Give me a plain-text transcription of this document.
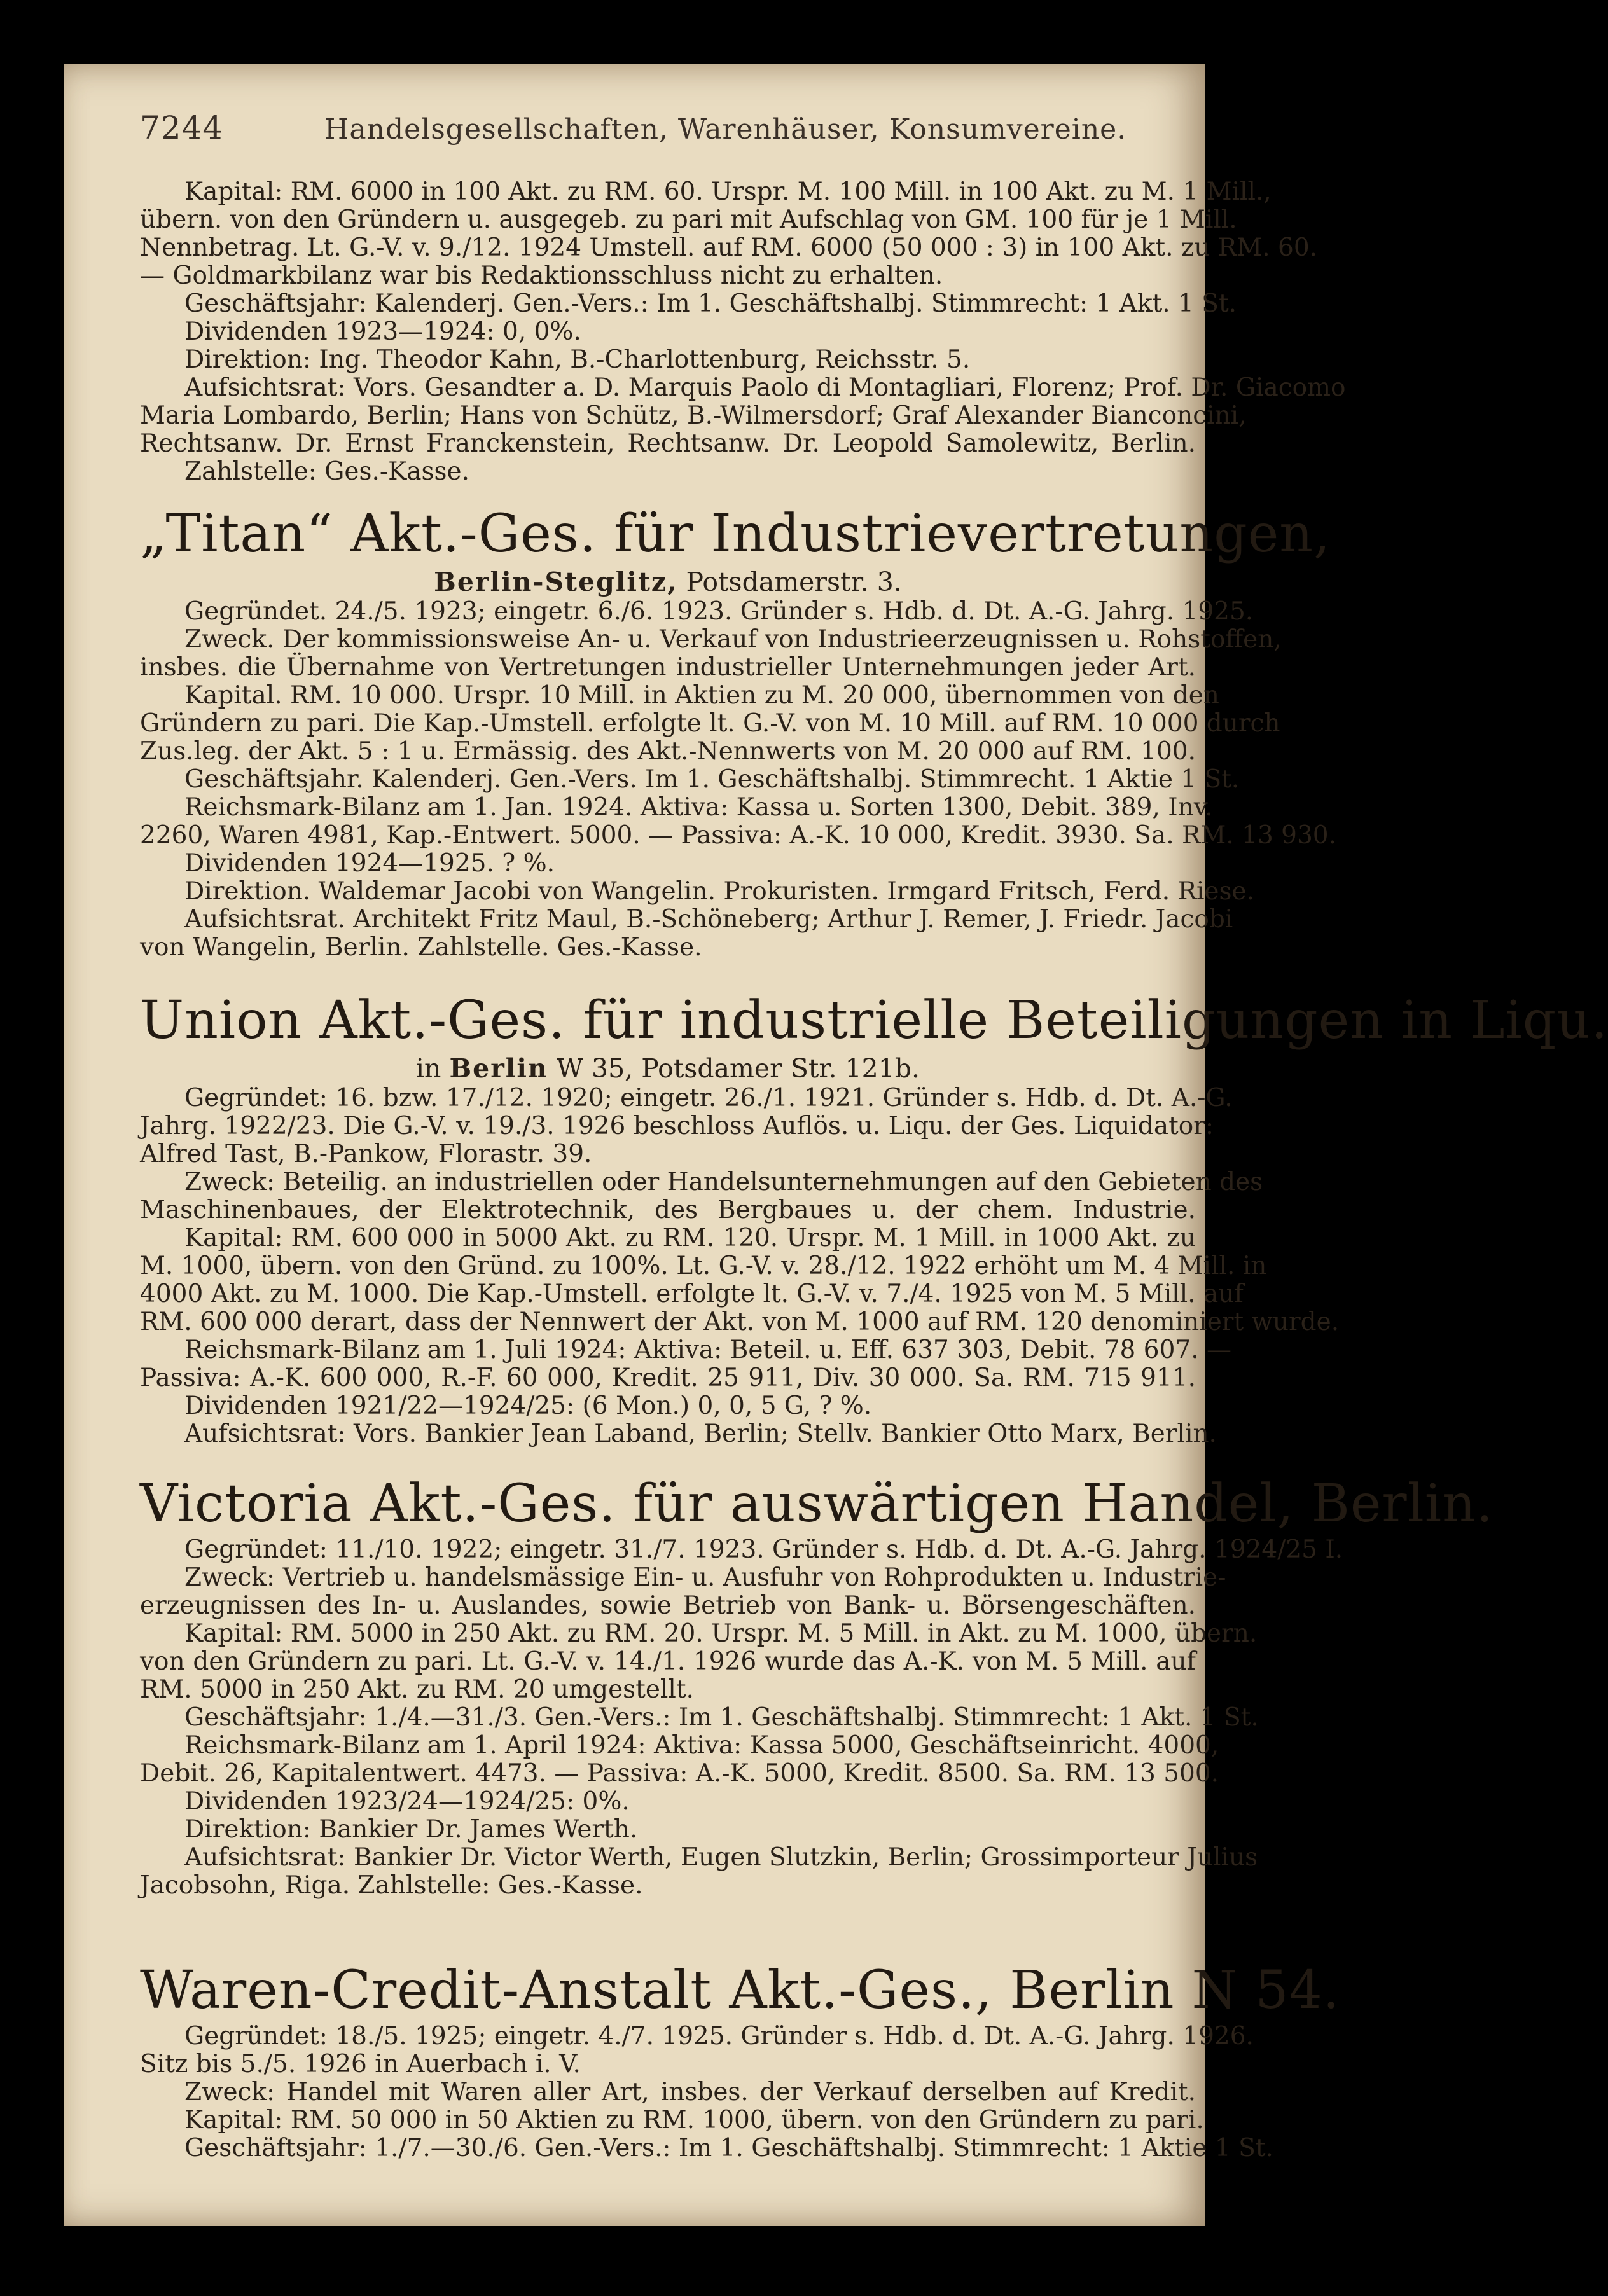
7244	Handelsgesellschaften, Warenhäuser, Konsumvereine.
Kapital: RM. 6000 in 100 Akt. zu RM. 60. Urspr. M. 100 Mill. in 100 Akt. zu M. 1 Mill.,
übern. von den Gründern u. ausgegeb. zu pari mit Aufschlag von GM. 100 für je 1 Mill.
Nennbetrag. Lt. G.-V. v. 9./12. 1924 Umstell. auf RM. 6000 (50 000 : 3) in 100 Akt. zu RM. 60.
— Goldmarkbilanz war bis Redaktionsschluss nicht zu erhalten.
Geschäftsjahr: Kalenderj. Gen.-Vers.: Im 1. Geschäftshalbj. Stimmrecht: 1 Akt. 1 St.
Dividenden 1923—1924: 0, 0%.
Direktion: Ing. Theodor Kahn, B.-Charlottenburg, Reichsstr. 5.
Aufsichtsrat: Vors. Gesandter a. D. Marquis Paolo di Montagliari, Florenz; Prof. Dr. Giacomo
Maria Lombardo, Berlin; Hans von Schütz, B.-Wilmersdorf; Graf Alexander Bianconcini,
Rechtsanw. Dr. Ernst Franckenstein, Rechtsanw. Dr. Leopold Samolewitz, Berlin.
Zahlstelle: Ges.-Kasse.
„Titan“ Akt.-Ges. für Industrievertretungen,
Berlin-Steglitz, Potsdamerstr. 3.
Gegründet. 24./5. 1923; eingetr. 6./6. 1923. Gründer s. Hdb. d. Dt. A.-G. Jahrg. 1925.
Zweck. Der kommissionsweise An- u. Verkauf von Industrieerzeugnissen u. Rohstoffen,
insbes. die Übernahme von Vertretungen industrieller Unternehmungen jeder Art.
Kapital. RM. 10 000. Urspr. 10 Mill. in Aktien zu M. 20 000, übernommen von den
Gründern zu pari. Die Kap.-Umstell. erfolgte lt. G.-V. von M. 10 Mill. auf RM. 10 000 durch
Zus.leg. der Akt. 5 : 1 u. Ermässig. des Akt.-Nennwerts von M. 20 000 auf RM. 100.
Geschäftsjahr. Kalenderj. Gen.-Vers. Im 1. Geschäftshalbj. Stimmrecht. 1 Aktie 1 St.
Reichsmark-Bilanz am 1. Jan. 1924. Aktiva: Kassa u. Sorten 1300, Debit. 389, Inv.
2260, Waren 4981, Kap.-Entwert. 5000. — Passiva: A.-K. 10 000, Kredit. 3930. Sa. RM. 13 930.
Dividenden 1924—1925. ? %.
Direktion. Waldemar Jacobi von Wangelin. Prokuristen. Irmgard Fritsch, Ferd. Riese.
Aufsichtsrat. Architekt Fritz Maul, B.-Schöneberg; Arthur J. Remer, J. Friedr. Jacobi
von Wangelin, Berlin. Zahlstelle. Ges.-Kasse.
Union Akt.-Ges. für industrielle Beteiligungen in Liqu.
in Berlin W 35, Potsdamer Str. 121b.
Gegründet: 16. bzw. 17./12. 1920; eingetr. 26./1. 1921. Gründer s. Hdb. d. Dt. A.-G.
Jahrg. 1922/23. Die G.-V. v. 19./3. 1926 beschloss Auflös. u. Liqu. der Ges. Liquidator:
Alfred Tast, B.-Pankow, Florastr. 39.
Zweck: Beteilig. an industriellen oder Handelsunternehmungen auf den Gebieten des
Maschinenbaues, der Elektrotechnik, des Bergbaues u. der chem. Industrie.
Kapital: RM. 600 000 in 5000 Akt. zu RM. 120. Urspr. M. 1 Mill. in 1000 Akt. zu
M. 1000, übern. von den Gründ. zu 100%. Lt. G.-V. v. 28./12. 1922 erhöht um M. 4 Mill. in
4000 Akt. zu M. 1000. Die Kap.-Umstell. erfolgte lt. G.-V. v. 7./4. 1925 von M. 5 Mill. auf
RM. 600 000 derart, dass der Nennwert der Akt. von M. 1000 auf RM. 120 denominiert wurde.
Reichsmark-Bilanz am 1. Juli 1924: Aktiva: Beteil. u. Eff. 637 303, Debit. 78 607. —
Passiva: A.-K. 600 000, R.-F. 60 000, Kredit. 25 911, Div. 30 000. Sa. RM. 715 911.
Dividenden 1921/22—1924/25: (6 Mon.) 0, 0, 5 G, ? %.
Aufsichtsrat: Vors. Bankier Jean Laband, Berlin; Stellv. Bankier Otto Marx, Berlin.
Victoria Akt.-Ges. für auswärtigen Handel, Berlin.
Gegründet: 11./10. 1922; eingetr. 31./7. 1923. Gründer s. Hdb. d. Dt. A.-G. Jahrg. 1924/25 I.
Zweck: Vertrieb u. handelsmässige Ein- u. Ausfuhr von Rohprodukten u. Industrie-
erzeugnissen des In- u. Auslandes, sowie Betrieb von Bank- u. Börsengeschäften.
Kapital: RM. 5000 in 250 Akt. zu RM. 20. Urspr. M. 5 Mill. in Akt. zu M. 1000, übern.
von den Gründern zu pari. Lt. G.-V. v. 14./1. 1926 wurde das A.-K. von M. 5 Mill. auf
RM. 5000 in 250 Akt. zu RM. 20 umgestellt.
Geschäftsjahr: 1./4.—31./3. Gen.-Vers.: Im 1. Geschäftshalbj. Stimmrecht: 1 Akt. 1 St.
Reichsmark-Bilanz am 1. April 1924: Aktiva: Kassa 5000, Geschäftseinricht. 4000,
Debit. 26, Kapitalentwert. 4473. — Passiva: A.-K. 5000, Kredit. 8500. Sa. RM. 13 500.
Dividenden 1923/24—1924/25: 0%.
Direktion: Bankier Dr. James Werth.
Aufsichtsrat: Bankier Dr. Victor Werth, Eugen Slutzkin, Berlin; Grossimporteur Julius
Jacobsohn, Riga. Zahlstelle: Ges.-Kasse.
Waren-Credit-Anstalt Akt.-Ges., Berlin N 54.
Gegründet: 18./5. 1925; eingetr. 4./7. 1925. Gründer s. Hdb. d. Dt. A.-G. Jahrg. 1926.
Sitz bis 5./5. 1926 in Auerbach i. V.
Zweck: Handel mit Waren aller Art, insbes. der Verkauf derselben auf Kredit.
Kapital: RM. 50 000 in 50 Aktien zu RM. 1000, übern. von den Gründern zu pari.
Geschäftsjahr: 1./7.—30./6. Gen.-Vers.: Im 1. Geschäftshalbj. Stimmrecht: 1 Aktie 1 St.
